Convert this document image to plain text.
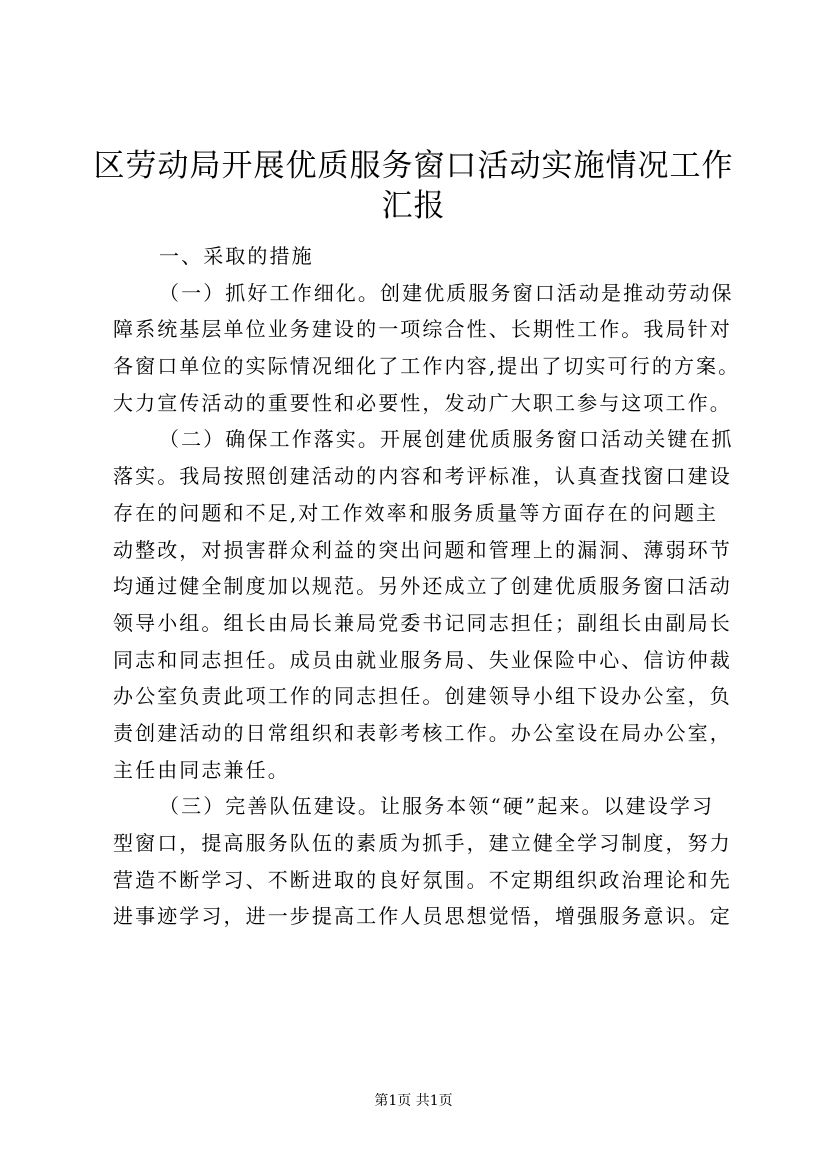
区劳动局开展优质服务窗口活动实施情况工作
汇报
一、采取的措施
（一）抓好工作细化。创建优质服务窗口活动是推动劳动保
障系统基层单位业务建设的一项综合性、长期性工作。我局针对
各窗口单位的实际情况细化了工作内容,提出了切实可行的方案。
大力宣传活动的重要性和必要性，发动广大职工参与这项工作。
（二）确保工作落实。开展创建优质服务窗口活动关键在抓
落实。我局按照创建活动的内容和考评标准，认真查找窗口建设
存在的问题和不足,对工作效率和服务质量等方面存在的问题主
动整改，对损害群众利益的突出问题和管理上的漏洞、薄弱环节
均通过健全制度加以规范。另外还成立了创建优质服务窗口活动
领导小组。组长由局长兼局党委书记同志担任；副组长由副局长
同志和同志担任。成员由就业服务局、失业保险中心、信访仲裁
办公室负责此项工作的同志担任。创建领导小组下设办公室，负
责创建活动的日常组织和表彰考核工作。办公室设在局办公室，
主任由同志兼任。
（三）完善队伍建设。让服务本领“硬”起来。以建设学习
型窗口，提高服务队伍的素质为抓手，建立健全学习制度，努力
营造不断学习、不断进取的良好氛围。不定期组织政治理论和先
进事迹学习，进一步提高工作人员思想觉悟，增强服务意识。定
第1页 共1页
